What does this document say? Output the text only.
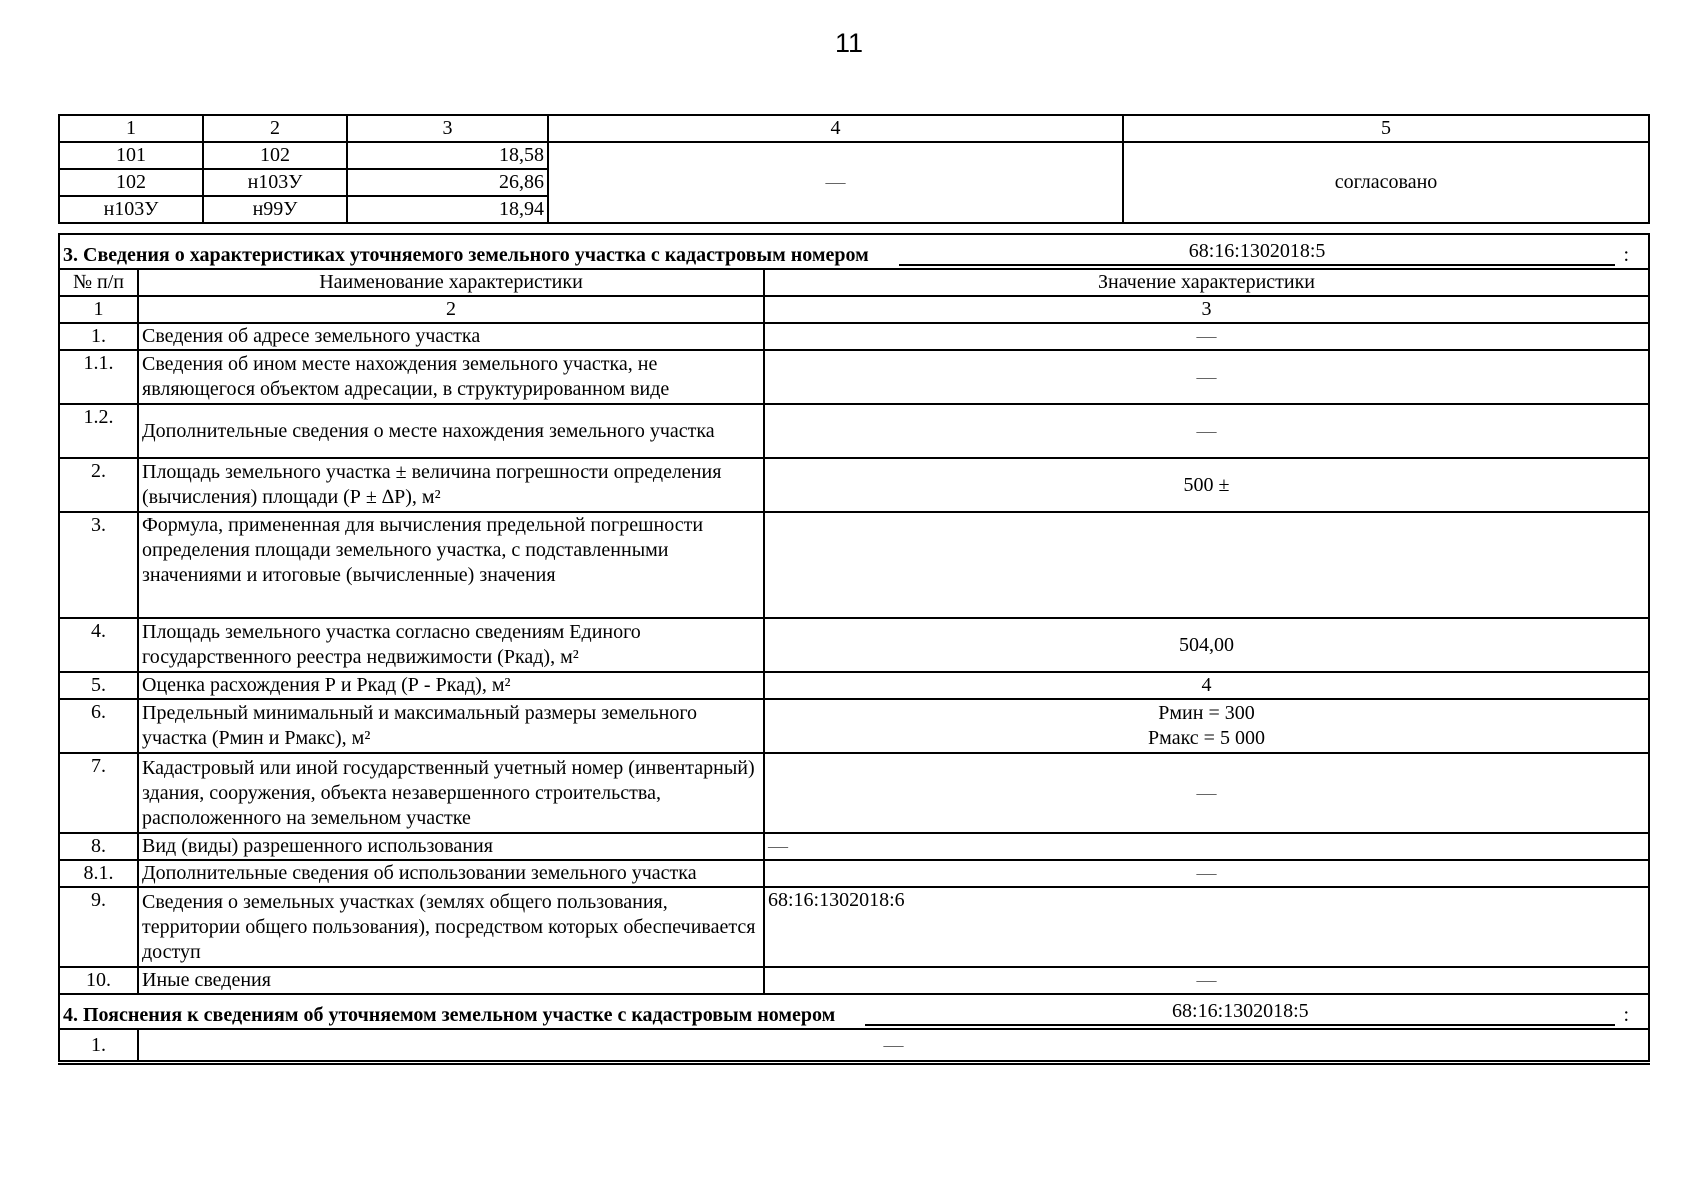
11
1	2	3	4	5
101	102	18,58	—	согласовано
102	н103У	26,86		
н103У	н99У	18,94		
3. Сведения о характеристиках уточняемого земельного участка с кадастровым номером 68:16:1302018:5 :		

№ п/п	Наименование характеристики	Значение характеристики
1	2	3
1.	Сведения об адресе земельного участка	—
1.1.	Сведения об ином месте нахождения земельного участка, не являющегося объектом адресации, в структурированном виде	—
1.2.	Дополнительные сведения о месте нахождения земельного участка	—
2.	Площадь земельного участка ± величина погрешности определения (вычисления) площади (Р ± ∆Р), м²	500 ±
3.	Формула, примененная для вычисления предельной погрешности определения площади земельного участка, с подставленными значениями и итоговые (вычисленные) значения	
4.	Площадь земельного участка согласно сведениям Единого государственного реестра недвижимости (Ркад), м²	504,00
5.	Оценка расхождения Р и Ркад (Р - Ркад), м²	4
6.	Предельный минимальный и максимальный размеры земельного участка (Рмин и Рмакс), м²	Рмин = 300
Рмакс = 5 000

7.	Кадастровый или иной государственный учетный номер (инвентарный) здания, сооружения, объекта незавершенного строительства, расположенного на земельном участке	—
8.	Вид (виды) разрешенного использования	—
8.1.	Дополнительные сведения об использовании земельного участка	—
9.	Сведения о земельных участках (землях общего пользования, территории общего пользования), посредством которых обеспечивается доступ	68:16:1302018:6
10.	Иные сведения	—

4. Пояснения к сведениям об уточняемом земельном участке с кадастровым номером 68:16:1302018:5 :		

1.	—	
